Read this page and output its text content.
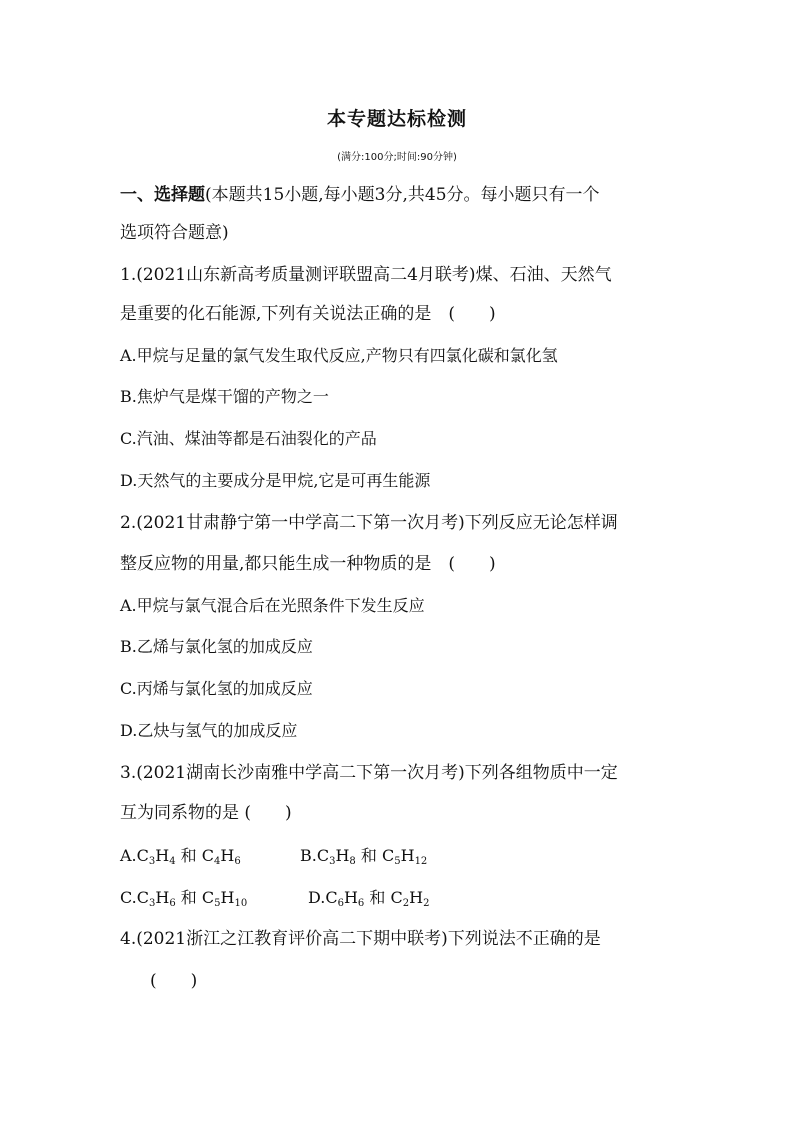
本专题达标检测
(满分:100分;时间:90分钟)
一、选择题(本题共15小题,每小题3分,共45分。每小题只有一个
选项符合题意)
1.(2021山东新高考质量测评联盟高二4月联考)煤、石油、天然气
是重要的化石能源,下列有关说法正确的是　(　　)
A.甲烷与足量的氯气发生取代反应,产物只有四氯化碳和氯化氢
B.焦炉气是煤干馏的产物之一
C.汽油、煤油等都是石油裂化的产品
D.天然气的主要成分是甲烷,它是可再生能源
2.(2021甘肃静宁第一中学高二下第一次月考)下列反应无论怎样调
整反应物的用量,都只能生成一种物质的是　(　　)
A.甲烷与氯气混合后在光照条件下发生反应
B.乙烯与氯化氢的加成反应
C.丙烯与氯化氢的加成反应
D.乙炔与氢气的加成反应
3.(2021湖南长沙南雅中学高二下第一次月考)下列各组物质中一定
互为同系物的是 (　　)
$A.C_3H_4$ 和 $C_4H_6$	$B.C_3H_8$ 和 $C_5H_{12}$
$C.C_3H_6$ 和 $C_5H_{10}$	$D.C_6H_6$ 和 $C_2H_2$
4.(2021浙江之江教育评价高二下期中联考)下列说法不正确的是
(　　)
